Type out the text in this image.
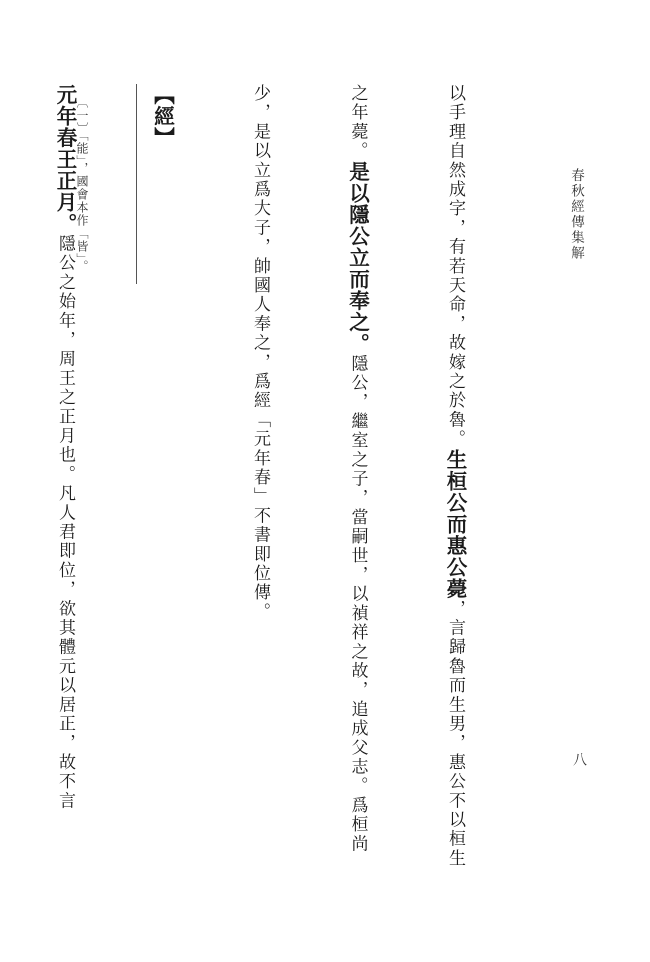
春秋經傳集解
八

以手理自然成字，有若天命，故嫁之於魯。生桓公而惠公薨，言歸魯而生男，惠公不以桓生

之年薨。是以隱公立而奉之。隱公，繼室之子，當嗣世，以禎祥之故，追成父志。爲桓尚

少，是以立爲大子，帥國人奉之，爲經「元年春」不書即位傳。

【經】

元年春王正月。隱公之始年，周王之正月也。凡人君即位，欲其體元以居正，故不言

〔一〕「能」，國會本作「皆」。
